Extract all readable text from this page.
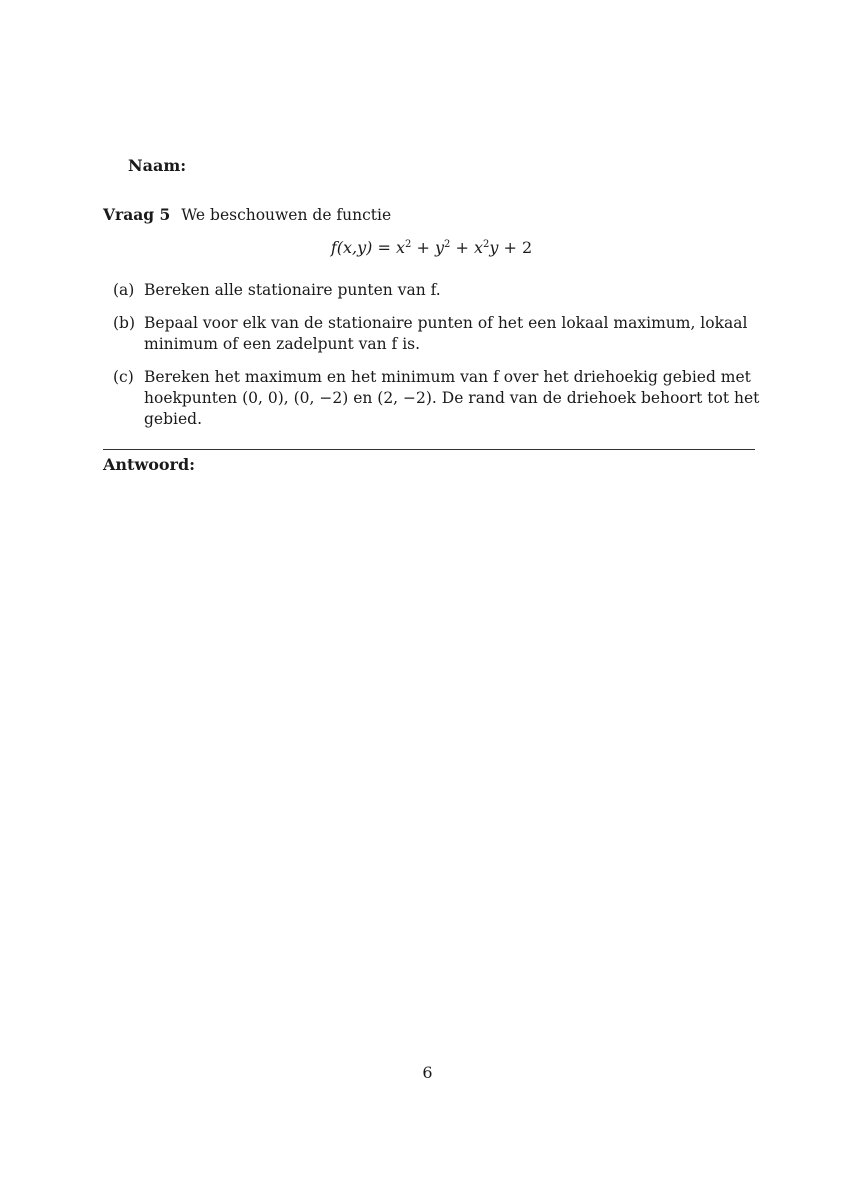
Naam:
Vraag 5 We beschouwen de functie
$f(x,y) = x^2 + y^2 + x^2y + 2$
(a) Bereken alle stationaire punten van f.
(b) Bepaal voor elk van de stationaire punten of het een lokaal maximum, lokaal minimum of een zadelpunt van f is.
(c) Bereken het maximum en het minimum van f over het driehoekig gebied met hoekpunten (0, 0), (0, −2) en (2, −2). De rand van de driehoek behoort tot het gebied.
Antwoord:
6
